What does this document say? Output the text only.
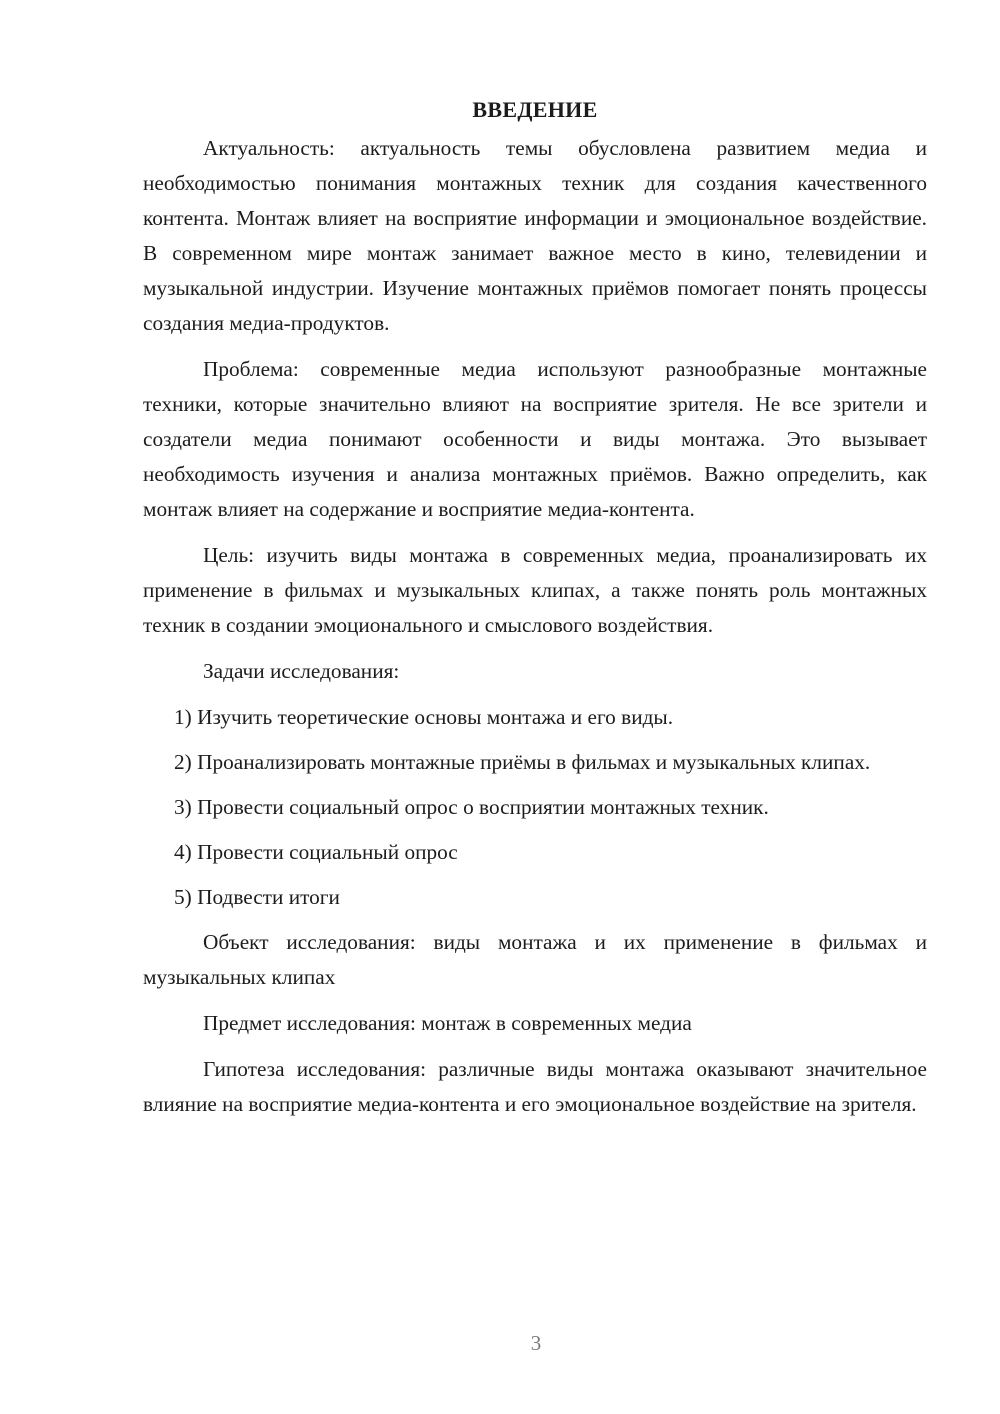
ВВЕДЕНИЕ

Актуальность: актуальность темы обусловлена развитием медиа и необходимостью понимания монтажных техник для создания качественного контента. Монтаж влияет на восприятие информации и эмоциональное воздействие. В современном мире монтаж занимает важное место в кино, телевидении и музыкальной индустрии. Изучение монтажных приёмов помогает понять процессы создания медиа-продуктов.

Проблема: современные медиа используют разнообразные монтажные техники, которые значительно влияют на восприятие зрителя. Не все зрители и создатели медиа понимают особенности и виды монтажа. Это вызывает необходимость изучения и анализа монтажных приёмов. Важно определить, как монтаж влияет на содержание и восприятие медиа-контента.

Цель: изучить виды монтажа в современных медиа, проанализировать их применение в фильмах и музыкальных клипах, а также понять роль монтажных техник в создании эмоционального и смыслового воздействия.

Задачи исследования:

1) Изучить теоретические основы монтажа и его виды.

2) Проанализировать монтажные приёмы в фильмах и музыкальных клипах.

3) Провести социальный опрос о восприятии монтажных техник.

4) Провести социальный опрос

5) Подвести итоги

Объект исследования: виды монтажа и их применение в фильмах и музыкальных клипах

Предмет исследования: монтаж в современных медиа

Гипотеза исследования: различные виды монтажа оказывают значительное влияние на восприятие медиа-контента и его эмоциональное воздействие на зрителя.

3
